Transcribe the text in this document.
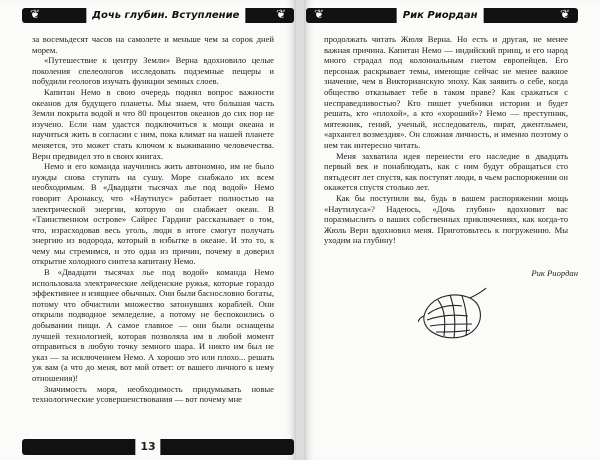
❦	❦
Дочь глубин. Вступление

за восемьдесят часов на самолете и меньше чем за сорок дней морем.

«Путешествие к центру Земли» Верна вдохновило целые поколения спелеологов исследовать подземные пещеры и побудили геологов изучать функции земных слоев.

Капитан Немо в свою очередь поднял вопрос важности океанов для будущего планеты. Мы знаем, что большая часть Земли покрыта водой и что 80 процентов океанов до сих пор не изучено. Если нам удастся подключиться к мощи океана и научиться жить в согласии с ним, пока климат на нашей планете меняется, это может стать ключом к выживанию человечества. Верн предвидел это в своих книгах.

Немо и его команда научились жить автономно, им не было нужды снова ступать на сушу. Море снабжало их всем необходимым. В «Двадцати тысячах лье под водой» Немо говорит Аронаксу, что «Наутилус» работает полностью на электрической энергии, которую он снабжает океан. В «Таинственном острове» Сайрес Гардинг рассказывает о том, что, израсходовав весь уголь, люди в итоге смогут получать энергию из водорода, который в избытке в океане. И это то, к чему мы стремимся, и это одна из причин, почему я доверил открытие холодного синтеза капитану Немо.

В «Двадцати тысячах лье под водой» команда Немо использовала электрические лейденские ружья, которые гораздо эффективнее и изящнее обычных. Они были баснословно богаты, потому что обчистили множество затонувших кораблей. Они открыли подводное земледелие, а потому не беспокоились о добывании пищи. А самое главное — они были оснащены лучшей технологией, которая позволяла им в любой момент отправиться в любую точку земного шара. И никто им был не указ — за исключением Немо. А хорошо это или плохо... решать уж вам (а что до меня, вот мой ответ: от вашего личного к нему отношения)!

Значимость моря, необходимость придумывать новые технологические усовершенствования — вот почему мне

13
❦	❦
Рик Риордан

продолжать читать Жюля Верна. Но есть и другая, не менее важная причина. Капитан Немо — индийский принц, и его народ много страдал под колониальным гнетом европейцев. Его персонаж раскрывает темы, имеющие сейчас не менее важное значение, чем в Викторианскую эпоху. Как заявить о себе, когда общество отказывает тебе в таком праве? Как сражаться с несправедливостью? Кто пишет учебники истории и будет решать, кто «плохой», а кто «хороший»? Немо — преступник, мятежник, гений, ученый, исследователь, пират, джентльмен, «архангел возмездия». Он сложная личность, и именно поэтому о нем так интересно читать.

Меня захватила идея перенести его наследие в двадцать первый век и понаблюдать, как с ним будут обращаться сто пятьдесят лет спустя, как поступят люди, в чьем распоряжении он окажется спустя столько лет.

Как бы поступили вы, будь в вашем распоряжении мощь «Наутилуса»? Надеюсь, «Дочь глубин» вдохновит вас поразмыслить о ваших собственных приключениях, как когда-то Жюль Верн вдохновил меня. Приготовьтесь к погружению. Мы уходим на глубину!

Рик Риордан
